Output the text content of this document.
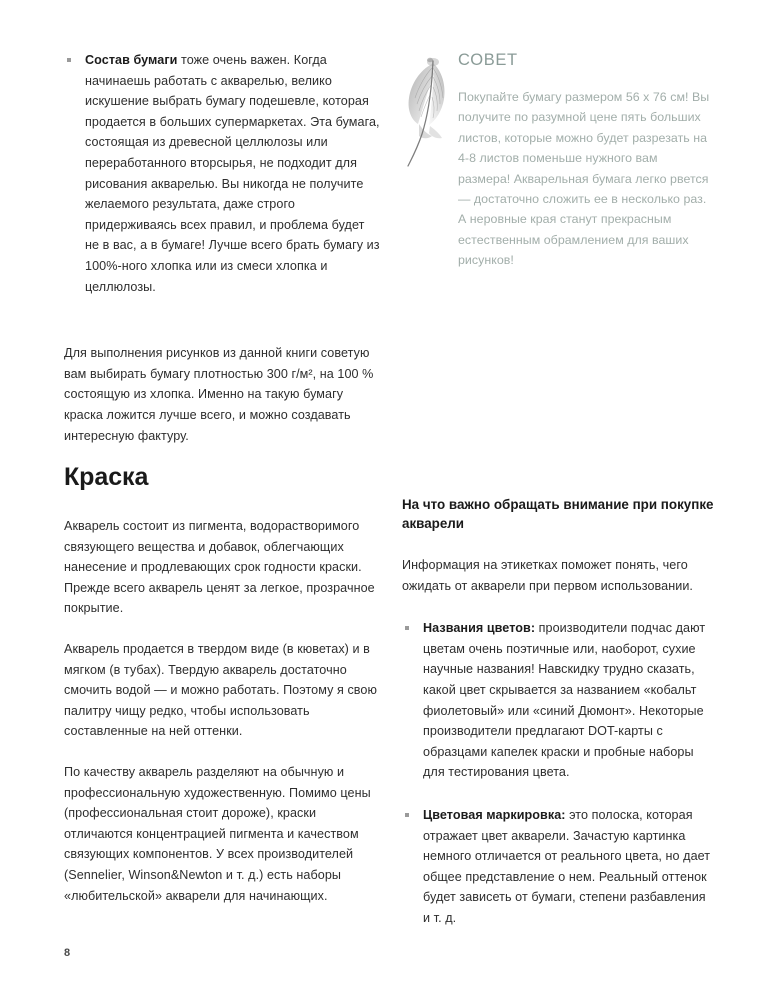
Состав бумаги тоже очень важен. Когда начинаешь работать с акварелью, велико искушение выбрать бумагу подешевле, которая продается в больших супермаркетах. Эта бумага, состоящая из древесной целлюлозы или переработанного вторсырья, не подходит для рисования акварелью. Вы никогда не получите желаемого результата, даже строго придерживаясь всех правил, и проблема будет не в вас, а в бумаге! Лучше всего брать бумагу из 100%-ного хлопка или из смеси хлопка и целлюлозы.

Для выполнения рисунков из данной книги советую вам выбирать бумагу плотностью 300 г/м², на 100 % состоящую из хлопка. Именно на такую бумагу краска ложится лучше всего, и можно создавать интересную фактуру.

СОВЕТ

Покупайте бумагу размером 56 x 76 см! Вы получите по разумной цене пять больших листов, которые можно будет разрезать на 4-8 листов поменьше нужного вам размера! Акварельная бумага легко рвется — достаточно сложить ее в несколько раз. А неровные края станут прекрасным естественным обрамлением для ваших рисунков!

Краска

Акварель состоит из пигмента, водорастворимого связующего вещества и добавок, облегчающих нанесение и продлевающих срок годности краски. Прежде всего акварель ценят за легкое, прозрачное покрытие.

Акварель продается в твердом виде (в кюветах) и в мягком (в тубах). Твердую акварель достаточно смочить водой — и можно работать. Поэтому я свою палитру чищу редко, чтобы использовать составленные на ней оттенки.

По качеству акварель разделяют на обычную и профессиональную художественную. Помимо цены (профессиональная стоит дороже), краски отличаются концентрацией пигмента и качеством связующих компонентов. У всех производителей (Sennelier, Winson&Newton и т. д.) есть наборы «любительской» акварели для начинающих.

На что важно обращать внимание при покупке акварели

Информация на этикетках поможет понять, чего ожидать от акварели при первом использовании.

Названия цветов: производители подчас дают цветам очень поэтичные или, наоборот, сухие научные названия! Навскидку трудно сказать, какой цвет скрывается за названием «кобальт фиолетовый» или «синий Дюмонт». Некоторые производители предлагают DOT-карты с образцами капелек краски и пробные наборы для тестирования цвета.
Цветовая маркировка: это полоска, которая отражает цвет акварели. Зачастую картинка немного отличается от реального цвета, но дает общее представление о нем. Реальный оттенок будет зависеть от бумаги, степени разбавления и т. д.
8
